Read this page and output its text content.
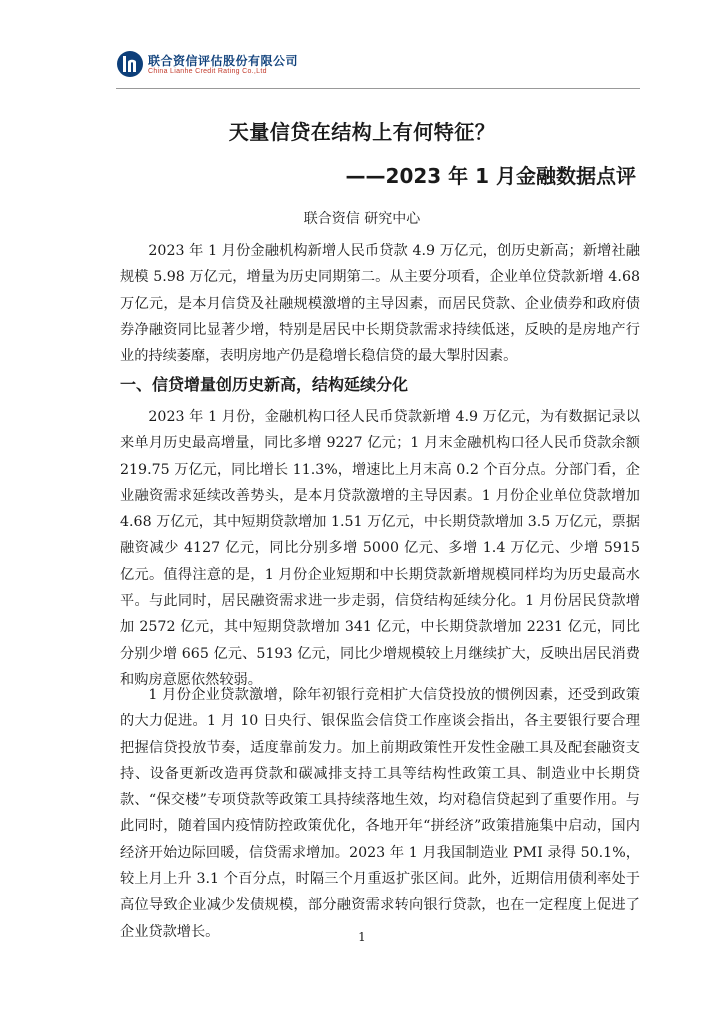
联合资信评估股份有限公司
China Lianhe Credit Rating Co.,Ltd
天量信贷在结构上有何特征？
——2023 年 1 月金融数据点评
联合资信 研究中心

2023 年 1 月份金融机构新增人民币贷款 4.9 万亿元，创历史新高；新增社融规模 5.98 万亿元，增量为历史同期第二。从主要分项看，企业单位贷款新增 4.68 万亿元，是本月信贷及社融规模激增的主导因素，而居民贷款、企业债券和政府债券净融资同比显著少增，特别是居民中长期贷款需求持续低迷，反映的是房地产行业的持续萎靡，表明房地产仍是稳增长稳信贷的最大掣肘因素。

一、信贷增量创历史新高，结构延续分化

2023 年 1 月份，金融机构口径人民币贷款新增 4.9 万亿元，为有数据记录以来单月历史最高增量，同比多增 9227 亿元；1 月末金融机构口径人民币贷款余额 219.75 万亿元，同比增长 11.3%，增速比上月末高 0.2 个百分点。分部门看，企业融资需求延续改善势头，是本月贷款激增的主导因素。1 月份企业单位贷款增加 4.68 万亿元，其中短期贷款增加 1.51 万亿元，中长期贷款增加 3.5 万亿元，票据融资减少 4127 亿元，同比分别多增 5000 亿元、多增 1.4 万亿元、少增 5915 亿元。值得注意的是，1 月份企业短期和中长期贷款新增规模同样均为历史最高水平。与此同时，居民融资需求进一步走弱，信贷结构延续分化。1 月份居民贷款增加 2572 亿元，其中短期贷款增加 341 亿元，中长期贷款增加 2231 亿元，同比分别少增 665 亿元、5193 亿元，同比少增规模较上月继续扩大，反映出居民消费和购房意愿依然较弱。

1 月份企业贷款激增，除年初银行竞相扩大信贷投放的惯例因素，还受到政策的大力促进。1 月 10 日央行、银保监会信贷工作座谈会指出，各主要银行要合理把握信贷投放节奏，适度靠前发力。加上前期政策性开发性金融工具及配套融资支持、设备更新改造再贷款和碳减排支持工具等结构性政策工具、制造业中长期贷款、“保交楼”专项贷款等政策工具持续落地生效，均对稳信贷起到了重要作用。与此同时，随着国内疫情防控政策优化，各地开年“拼经济”政策措施集中启动，国内经济开始边际回暖，信贷需求增加。2023 年 1 月我国制造业 PMI 录得 50.1%，较上月上升 3.1 个百分点，时隔三个月重返扩张区间。此外，近期信用债利率处于高位导致企业减少发债规模，部分融资需求转向银行贷款，也在一定程度上促进了企业贷款增长。	1
